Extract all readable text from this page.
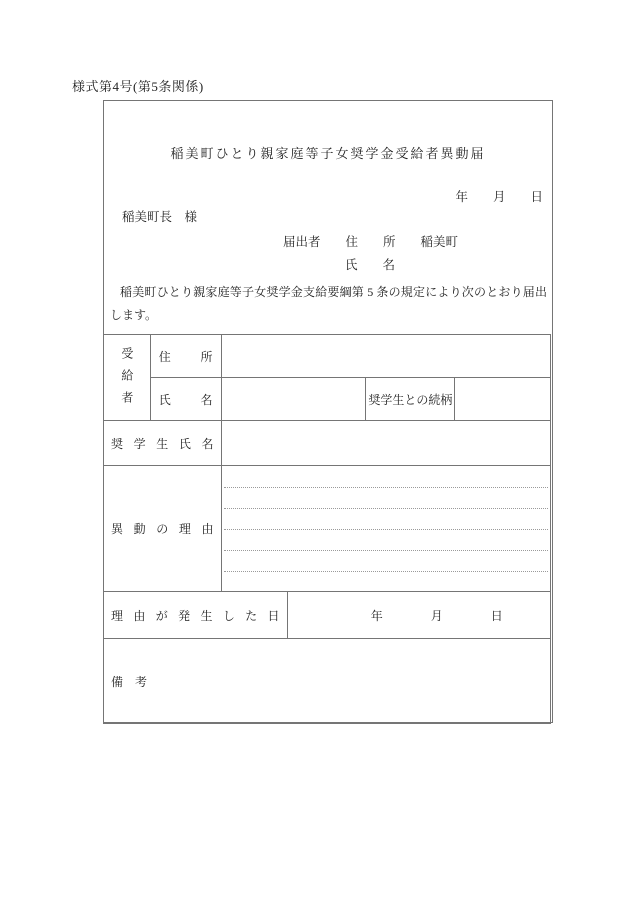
様式第4号(第5条関係)
稲美町ひとり親家庭等子女奨学金受給者異動届
年　　月　　日
稲美町長　様
届出者　　住　　所　　稲美町
氏　　名
稲美町ひとり親家庭等子女奨学金支給要綱第 5 条の規定により次のとおり届出
します。
受給者	住 所				
	氏 名			奨学生との続柄	
奨 学 生 氏 名					
異 動 の 理 由					

理 由 が 発 生 し た 日			年　　　　月　　　　日		
備　考					
